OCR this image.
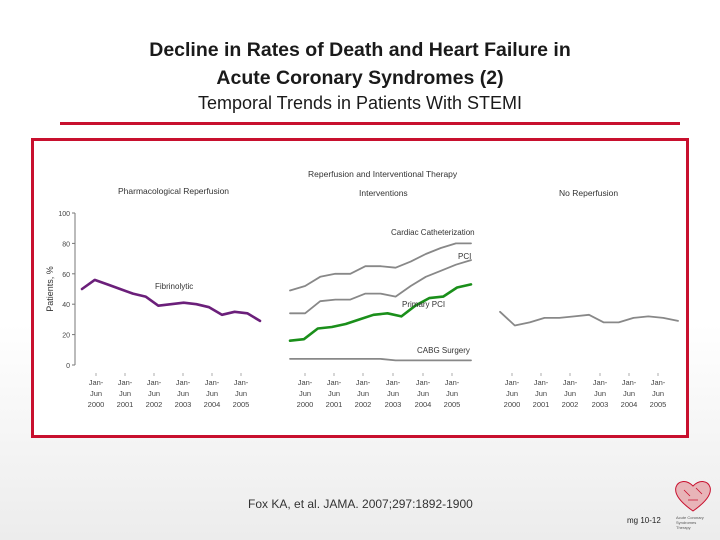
Decline in Rates of Death and Heart Failure in
Acute Coronary Syndromes (2)

Temporal Trends in Patients With STEMI

0
20
40
60
80
100
Patients, %
Reperfusion and Interventional Therapy
Pharmacological Reperfusion
Jan-
Jun
2000
Jan-
Jun
2001
Jan-
Jun
2002
Jan-
Jun
2003
Jan-
Jun
2004
Jan-
Jun
2005
Fibrinolytic
Interventions
Jan-
Jun
2000
Jan-
Jun
2001
Jan-
Jun
2002
Jan-
Jun
2003
Jan-
Jun
2004
Jan-
Jun
2005
Cardiac Catheterization
PCI
Primary PCI
CABG Surgery
No Reperfusion
Jan-
Jun
2000
Jan-
Jun
2001
Jan-
Jun
2002
Jan-
Jun
2003
Jan-
Jun
2004
Jan-
Jun
2005
Fox KA, et al. JAMA. 2007;297:1892-1900
mg 10-12	Acute Coronary
Syndromes
Therapy
